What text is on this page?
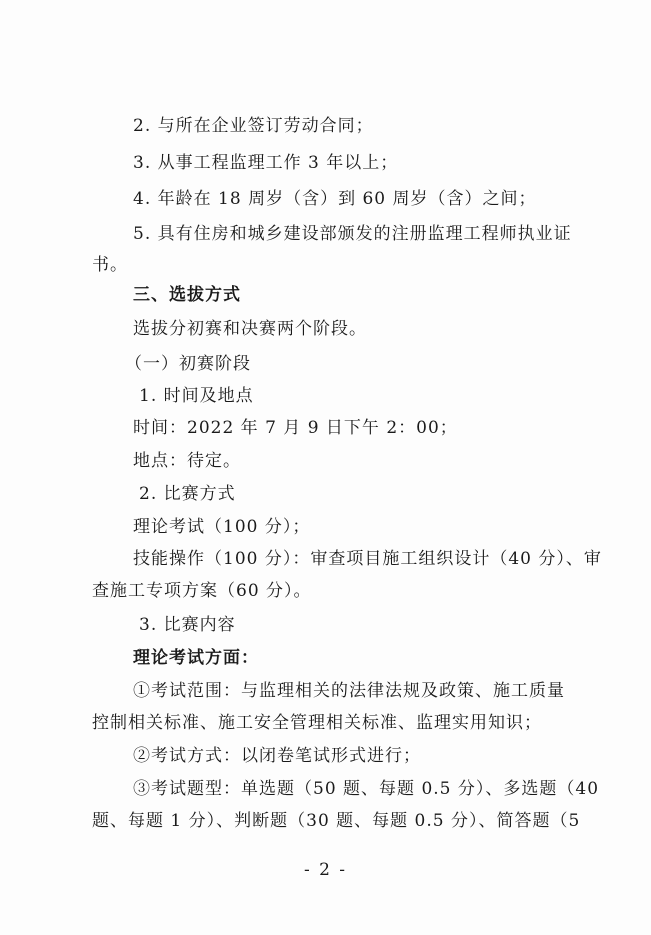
2. 与所在企业签订劳动合同；
3. 从事工程监理工作 3 年以上；
4. 年龄在 18 周岁（含）到 60 周岁（含）之间；
5. 具有住房和城乡建设部颁发的注册监理工程师执业证
书。
三、选拔方式
选拔分初赛和决赛两个阶段。
（一）初赛阶段
1. 时间及地点
时间：2022 年 7 月 9 日下午 2：00；
地点：待定。
2. 比赛方式
理论考试（100 分）；
技能操作（100 分）：审查项目施工组织设计（40 分）、审
查施工专项方案（60 分）。
3. 比赛内容
理论考试方面：
①考试范围：与监理相关的法律法规及政策、施工质量
控制相关标准、施工安全管理相关标准、监理实用知识；
②考试方式：以闭卷笔试形式进行；
③考试题型：单选题（50 题、每题 0.5 分）、多选题（40
题、每题 1 分）、判断题（30 题、每题 0.5 分）、简答题（5
- 2 -
